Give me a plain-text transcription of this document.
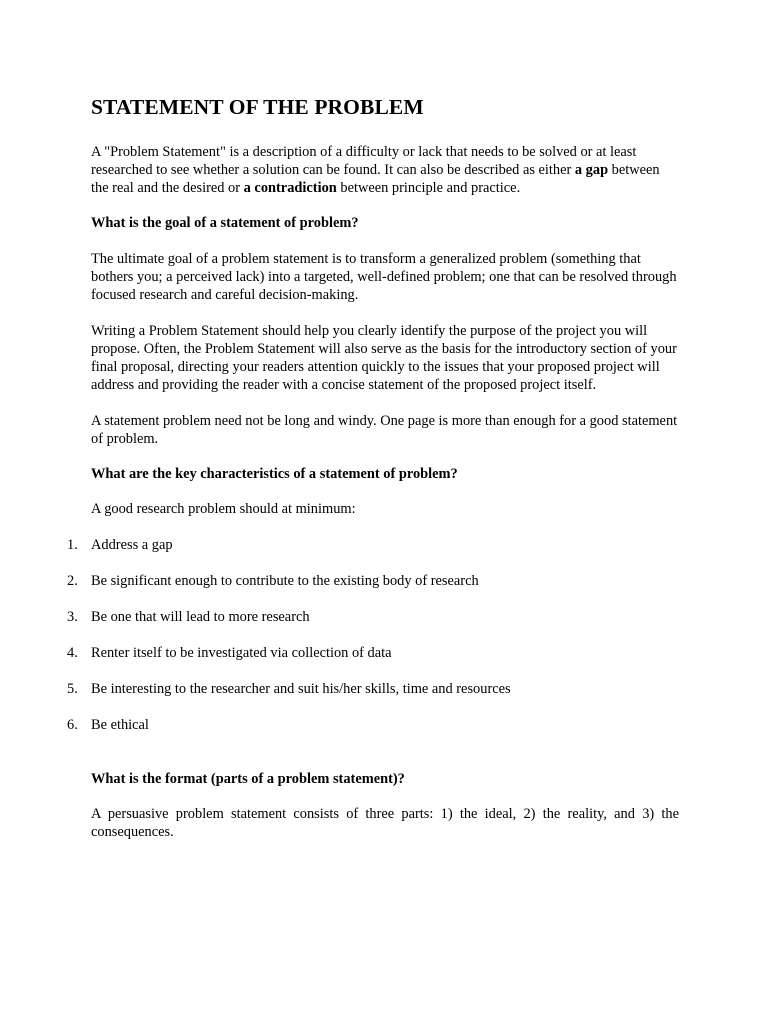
STATEMENT OF THE PROBLEM

A "Problem Statement" is a description of a difficulty or lack that needs to be solved or at least researched to see whether a solution can be found. It can also be described as either a gap between the real and the desired or a contradiction between principle and practice.

What is the goal of a statement of problem?

The ultimate goal of a problem statement is to transform a generalized problem (something that bothers you; a perceived lack) into a targeted, well-defined problem; one that can be resolved through focused research and careful decision-making.

Writing a Problem Statement should help you clearly identify the purpose of the project you will propose. Often, the Problem Statement will also serve as the basis for the introductory section of your final proposal, directing your readers attention quickly to the issues that your proposed project will address and providing the reader with a concise statement of the proposed project itself.

A statement problem need not be long and windy. One page is more than enough for a good statement of problem.

What are the key characteristics of a statement of problem?

A good research problem should at minimum:

1. Address a gap
2. Be significant enough to contribute to the existing body of research
3. Be one that will lead to more research
4. Renter itself to be investigated via collection of data
5. Be interesting to the researcher and suit his/her skills, time and resources
6. Be ethical

What is the format (parts of a problem statement)?

A persuasive problem statement consists of three parts: 1) the ideal, 2) the reality, and 3) the consequences.
